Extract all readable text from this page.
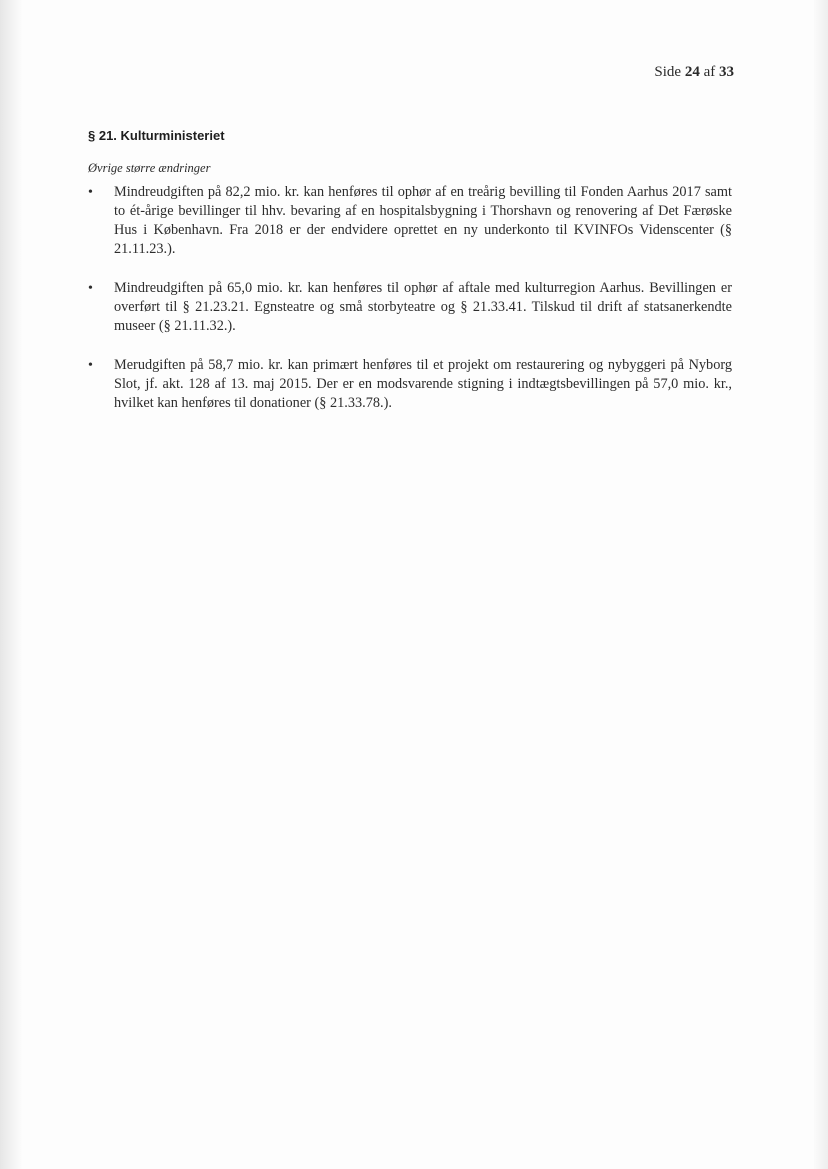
Side 24 af 33
§ 21. Kulturministeriet
Øvrige større ændringer
•	Mindreudgiften på 82,2 mio. kr. kan henføres til ophør af en treårig bevilling til Fonden Aarhus 2017 samt to ét-årige bevillinger til hhv. bevaring af en hospitalsbygning i Thorshavn og renovering af Det Færøske Hus i København. Fra 2018 er der endvidere oprettet en ny underkonto til KVINFOs Videnscenter (§ 21.11.23.).
•	Mindreudgiften på 65,0 mio. kr. kan henføres til ophør af aftale med kulturregion Aarhus. Bevillingen er overført til § 21.23.21. Egnsteatre og små storbyteatre og § 21.33.41. Tilskud til drift af statsanerkendte museer (§ 21.11.32.).
•	Merudgiften på 58,7 mio. kr. kan primært henføres til et projekt om restaurering og nybyggeri på Nyborg Slot, jf. akt. 128 af 13. maj 2015. Der er en modsvarende stigning i indtægtsbevillingen på 57,0 mio. kr., hvilket kan henføres til donationer (§ 21.33.78.).
